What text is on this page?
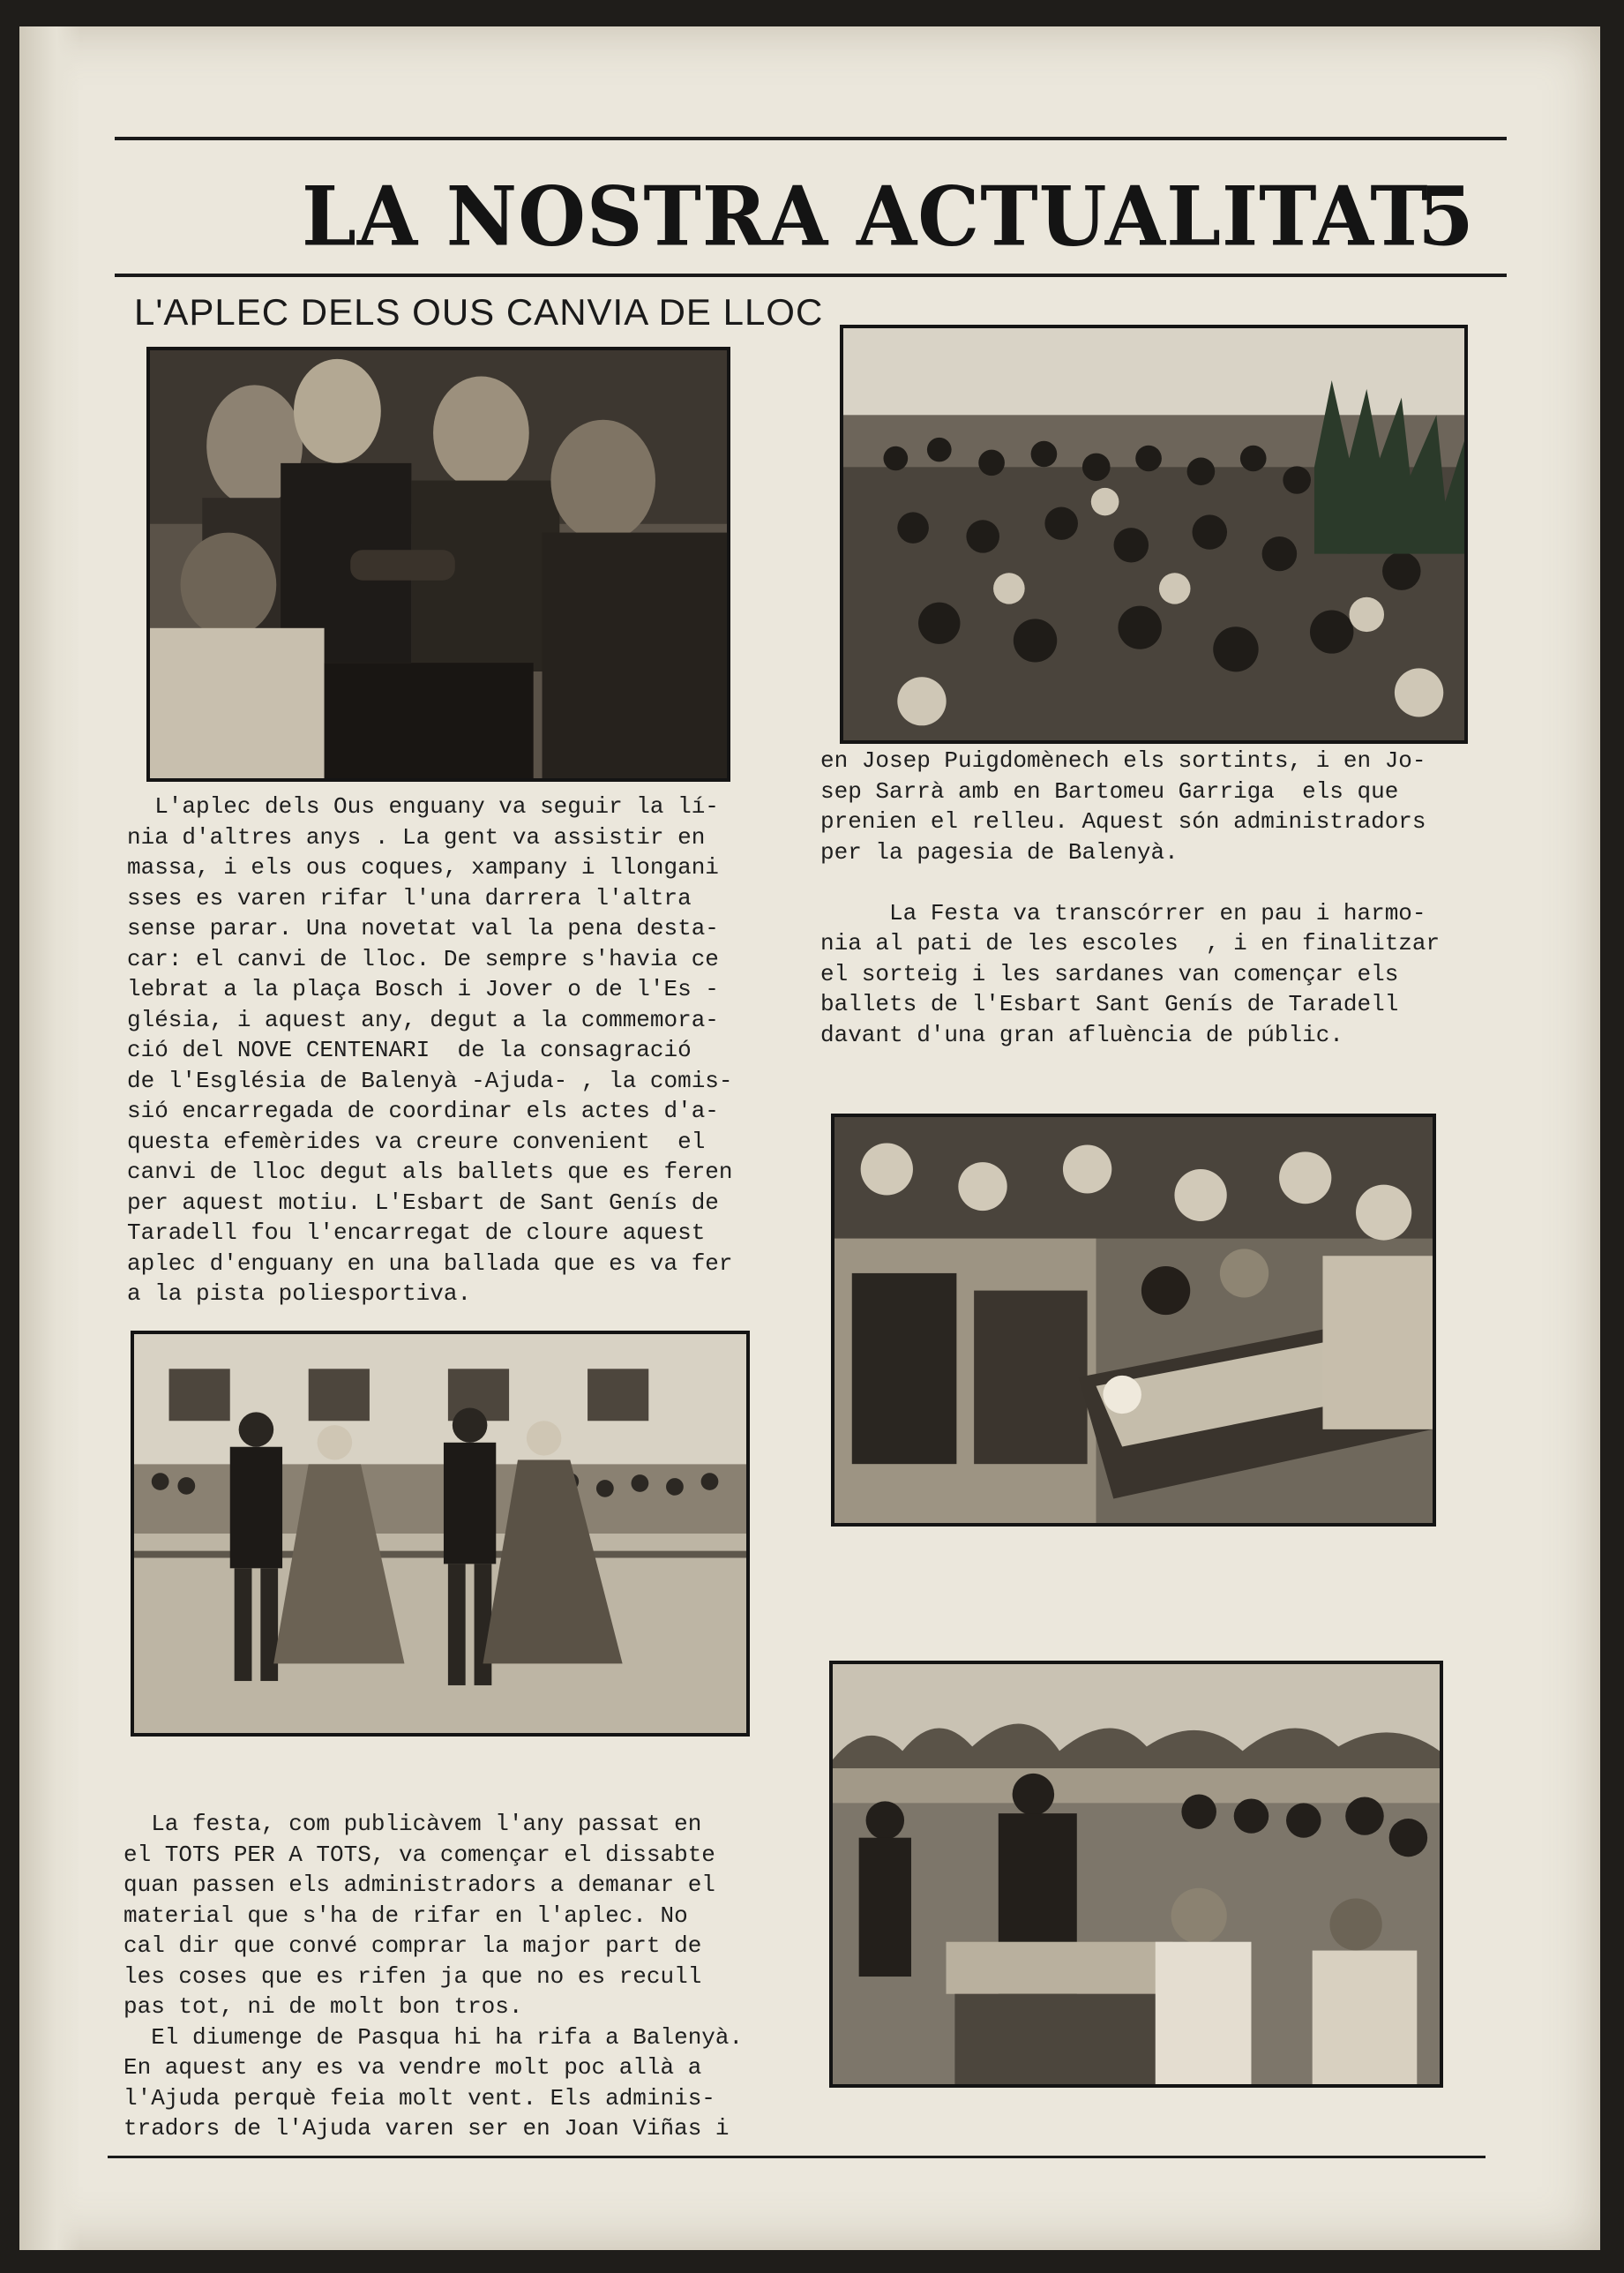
LA NOSTRA ACTUALITAT
5
L'APLEC DELS OUS CANVIA DE LLOC
L'aplec dels Ous enguany va seguir la lí-
nia d'altres anys . La gent va assistir en
massa, i els ous coques, xampany i llongani
sses es varen rifar l'una darrera l'altra
sense parar. Una novetat val la pena desta-
car: el canvi de lloc. De sempre s'havia ce
lebrat a la plaça Bosch i Jover o de l'Es -
glésia, i aquest any, degut a la commemora-
ció del NOVE CENTENARI  de la consagració
de l'Església de Balenyà -Ajuda- , la comis-
sió encarregada de coordinar els actes d'a-
questa efemèrides va creure convenient  el
canvi de lloc degut als ballets que es feren
per aquest motiu. L'Esbart de Sant Genís de
Taradell fou l'encarregat de cloure aquest
aplec d'enguany en una ballada que es va fer
a la pista poliesportiva.
La festa, com publicàvem l'any passat en
el TOTS PER A TOTS, va començar el dissabte
quan passen els administradors a demanar el
material que s'ha de rifar en l'aplec. No
cal dir que convé comprar la major part de
les coses que es rifen ja que no es recull
pas tot, ni de molt bon tros.
El diumenge de Pasqua hi ha rifa a Balenyà.
En aquest any es va vendre molt poc allà a
l'Ajuda perquè feia molt vent. Els adminis-
tradors de l'Ajuda varen ser en Joan Viñas i
en Josep Puigdomènech els sortints, i en Jo-
sep Sarrà amb en Bartomeu Garriga  els que
prenien el relleu. Aquest són administradors
per la pagesia de Balenyà.

La Festa va transcórrer en pau i harmo-
nia al pati de les escoles  , i en finalitzar
el sorteig i les sardanes van començar els
ballets de l'Esbart Sant Genís de Taradell
davant d'una gran afluència de públic.
